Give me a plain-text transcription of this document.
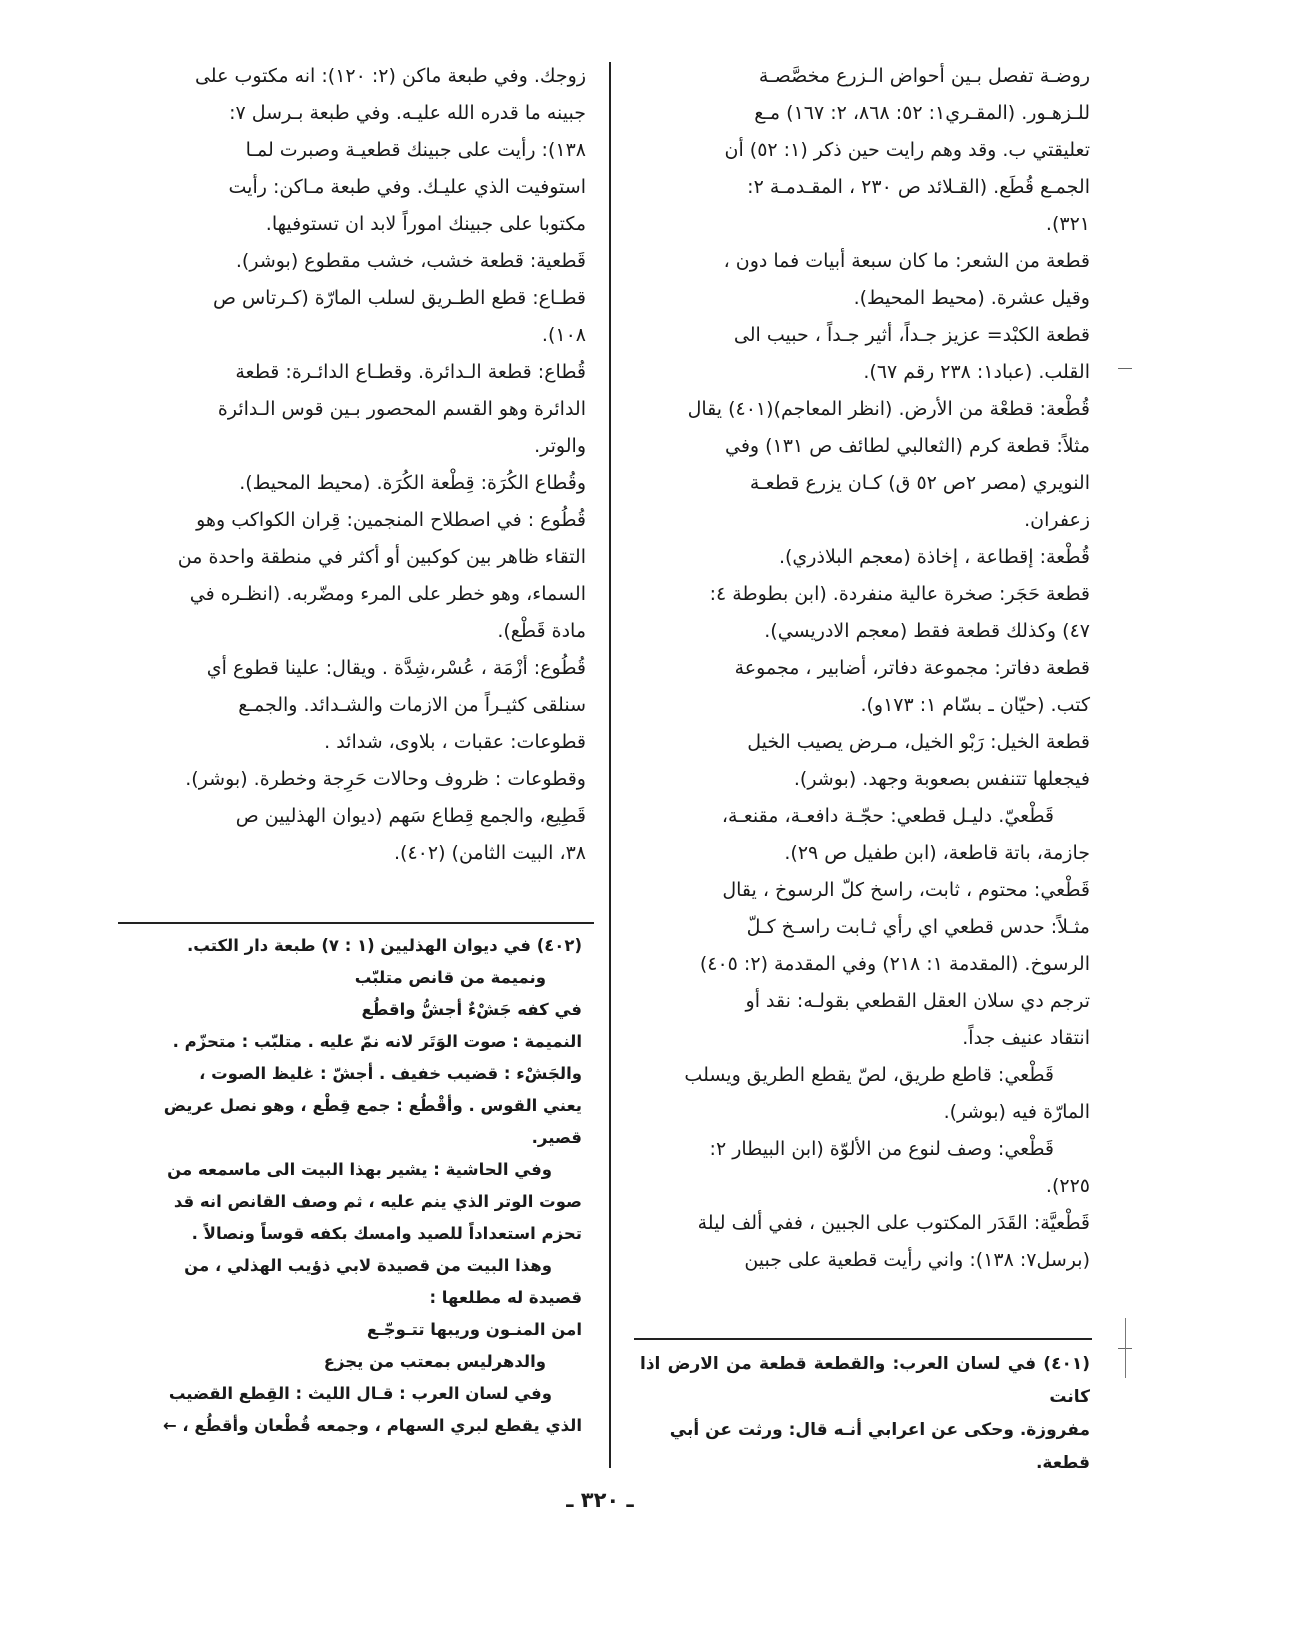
روضـة تفصل بـين أحواض الـزرع مخصَّصـة

للـزهـور. (المقـري١: ٥٢: ٨٦٨، ٢: ١٦٧) مـع

تعليقتي ب. وقد وهم رايت حين ذكر (١: ٥٢) أن

الجمـع قُطَع. (القـلائد ص ٢٣٠ ، المقـدمـة ٢:

٣٢١).

قطعة من الشعر: ما كان سبعة أبيات فما دون ،

وقيل عشرة. (محيط المحيط).

قطعة الكبْد= عزيز جـداً، أثير جـداً ، حبيب الى

القلب. (عباد١: ٢٣٨ رقم ٦٧).

قُطْعة: قطعْة من الأرض. (انظر المعاجم)(٤٠١) يقال

مثلاً: قطعة كرم (الثعالبي لطائف ص ١٣١) وفي

النويري (مصر ٢ص ٥٢ ق) كـان يزرع قطعـة

زعفران.

قُطْعة: إقطاعة ، إخاذة (معجم البلاذري).

قطعة حَجَر: صخرة عالية منفردة. (ابن بطوطة ٤:

٤٧) وكذلك قطعة فقط (معجم الادريسي).

قطعة دفاتر: مجموعة دفاتر، أضابير ، مجموعة

كتب. (حيّان ـ بسّام ١: ١٧٣و).

قطعة الخيل: رَبْو الخيل، مـرض يصيب الخيل

فيجعلها تتنفس بصعوبة وجهد. (بوشر).

قَطْعيّ. دليـل قطعي: حجّـة دافعـة، مقنعـة،

جازمة، باتة قاطعة، (ابن طفيل ص ٢٩).

قَطْعي: محتوم ، ثابت، راسخ كلّ الرسوخ ، يقال

مثـلاً: حدس قطعي اي رأي ثـابت راسـخ كـلّ

الرسوخ. (المقدمة ١: ٢١٨) وفي المقدمة (٢: ٤٠٥)

ترجم دي سلان العقل القطعي بقولـه: نقد أو

انتقاد عنيف جداً.

قَطْعي: قاطع طريق، لصّ يقطع الطريق ويسلب

المارّة فيه (بوشر).

قَطْعي: وصف لنوع من الألوّة (ابن البيطار ٢:

٢٢٥).

قَطْعيَّة: القَدَر المكتوب على الجبين ، ففي ألف ليلة

(برسل٧: ١٣٨): واني رأيت قطعية على جبين

(٤٠١) في لسان العرب: والقطعة قطعة من الارض اذا كانت

مفروزة. وحكى عن اعرابي أنـه قال: ورثت عن أبي

قطعة.

زوجك. وفي طبعة ماكن (٢: ١٢٠): انه مكتوب على

جبينه ما قدره الله عليـه. وفي طبعة بـرسل ٧:

١٣٨): رأيت على جبينك قطعيـة وصبرت لمـا

استوفيت الذي عليـك. وفي طبعة مـاكن: رأيت

مكتوبا على جبينك اموراً لابد ان تستوفيها.

قَطعية: قطعة خشب، خشب مقطوع (بوشر).

قطـاع: قطع الطـريق لسلب المارّة (كـرتاس ص

١٠٨).

قُطاع: قطعة الـدائرة. وقطـاع الدائـرة: قطعة

الدائرة وهو القسم المحصور بـين قوس الـدائرة

والوتر.

وقُطاع الكُرَة: قِطْعة الكُرَة. (محيط المحيط).

قُطُوع : في اصطلاح المنجمين: قِران الكواكب وهو

التقاء ظاهر بين كوكبين أو أكثر في منطقة واحدة من

السماء، وهو خطر على المرء ومضّربه. (انظـره في

مادة قَطْع).

قُطُوع: أزْمَة ، عُسْر،شِدَّة . ويقال: علينا قطوع أي

سنلقى كثيـراً من الازمات والشـدائد. والجمـع

قطوعات: عقبات ، بلاوى، شدائد .

وقطوعات : ظروف وحالات حَرِجة وخطرة. (بوشر).

قَطِيع، والجمع قِطاع سَهم (ديوان الهذليين ص

٣٨، البيت الثامن) (٤٠٢).

(٤٠٢) في ديوان الهذليين (١ : ٧) طبعة دار الكتب.

ونميمة من قانص متلبّب

في كفه جَشْءٌ أجشُّ واقطُع

النميمة : صوت الوَتَر لانه نمّ عليه . متلبّب : متحزّم .

والجَشْء : قضيب خفيف . أجشّ : غليظ الصوت ،

يعني القوس . وأقْطُع : جمع قِطْع ، وهو نصل عريض

قصير.

وفي الحاشية : يشير بهذا البيت الى ماسمعه من

صوت الوتر الذي ينم عليه ، ثم وصف القانص انه قد

تحزم استعداداً للصيد وامسك بكفه قوساً ونصالاً .

وهذا البيت من قصيدة لابي ذؤيب الهذلي ، من

قصيدة له مطلعها :

امن المنـون وريبها تتـوجّـع

والدهرليس بمعتب من يجزع

وفي لسان العرب : قـال الليث : القِطع القضيب

الذي يقطع لبري السهام ، وجمعه قُطْعان وأقطُع ، ←

ـ ٣٢٠ ـ
